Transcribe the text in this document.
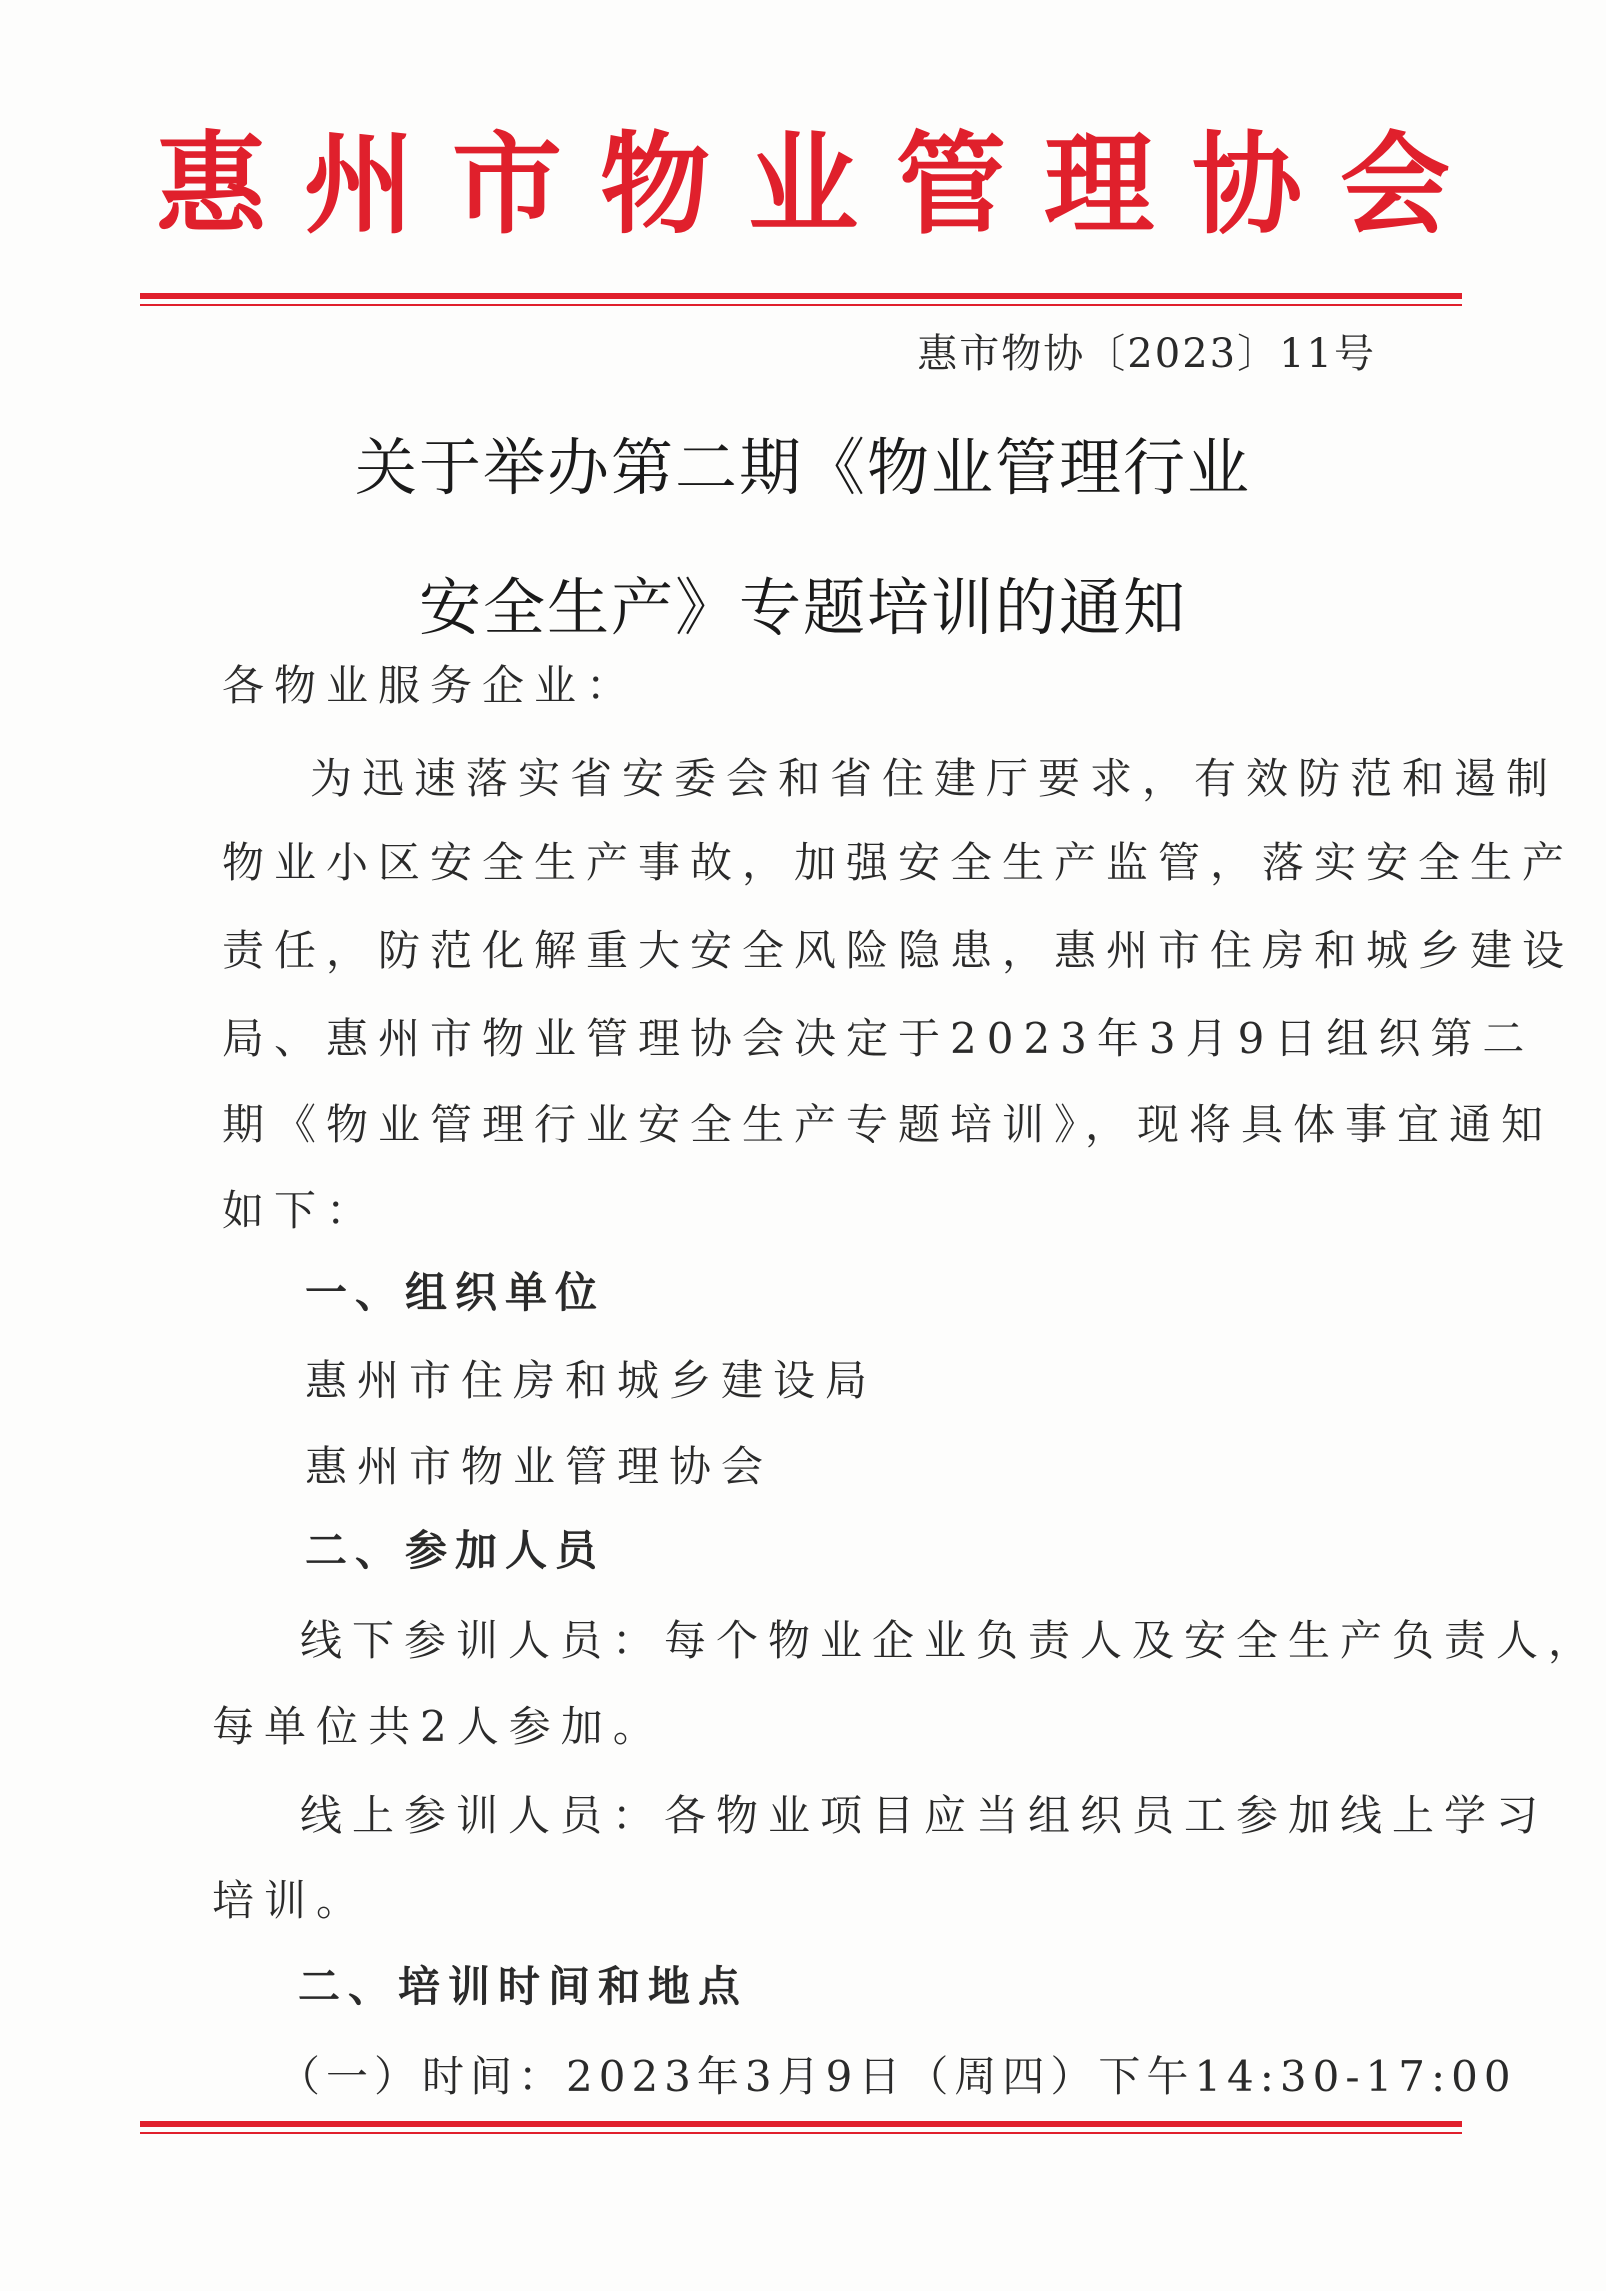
惠州市物业管理协会
惠市物协〔2023〕11号
关于举办第二期《物业管理行业
安全生产》专题培训的通知
各物业服务企业：
为迅速落实省安委会和省住建厅要求，有效防范和遏制
物业小区安全生产事故，加强安全生产监管，落实安全生产
责任，防范化解重大安全风险隐患，惠州市住房和城乡建设
局、惠州市物业管理协会决定于2023年3月9日组织第二
期《物业管理行业安全生产专题培训》，现将具体事宜通知
如下：
一、组织单位
惠州市住房和城乡建设局
惠州市物业管理协会
二、参加人员
线下参训人员：每个物业企业负责人及安全生产负责人，
每单位共2人参加。
线上参训人员：各物业项目应当组织员工参加线上学习
培训。
二、培训时间和地点
（一）时间：2023年3月9日（周四）下午14:30-17:00
